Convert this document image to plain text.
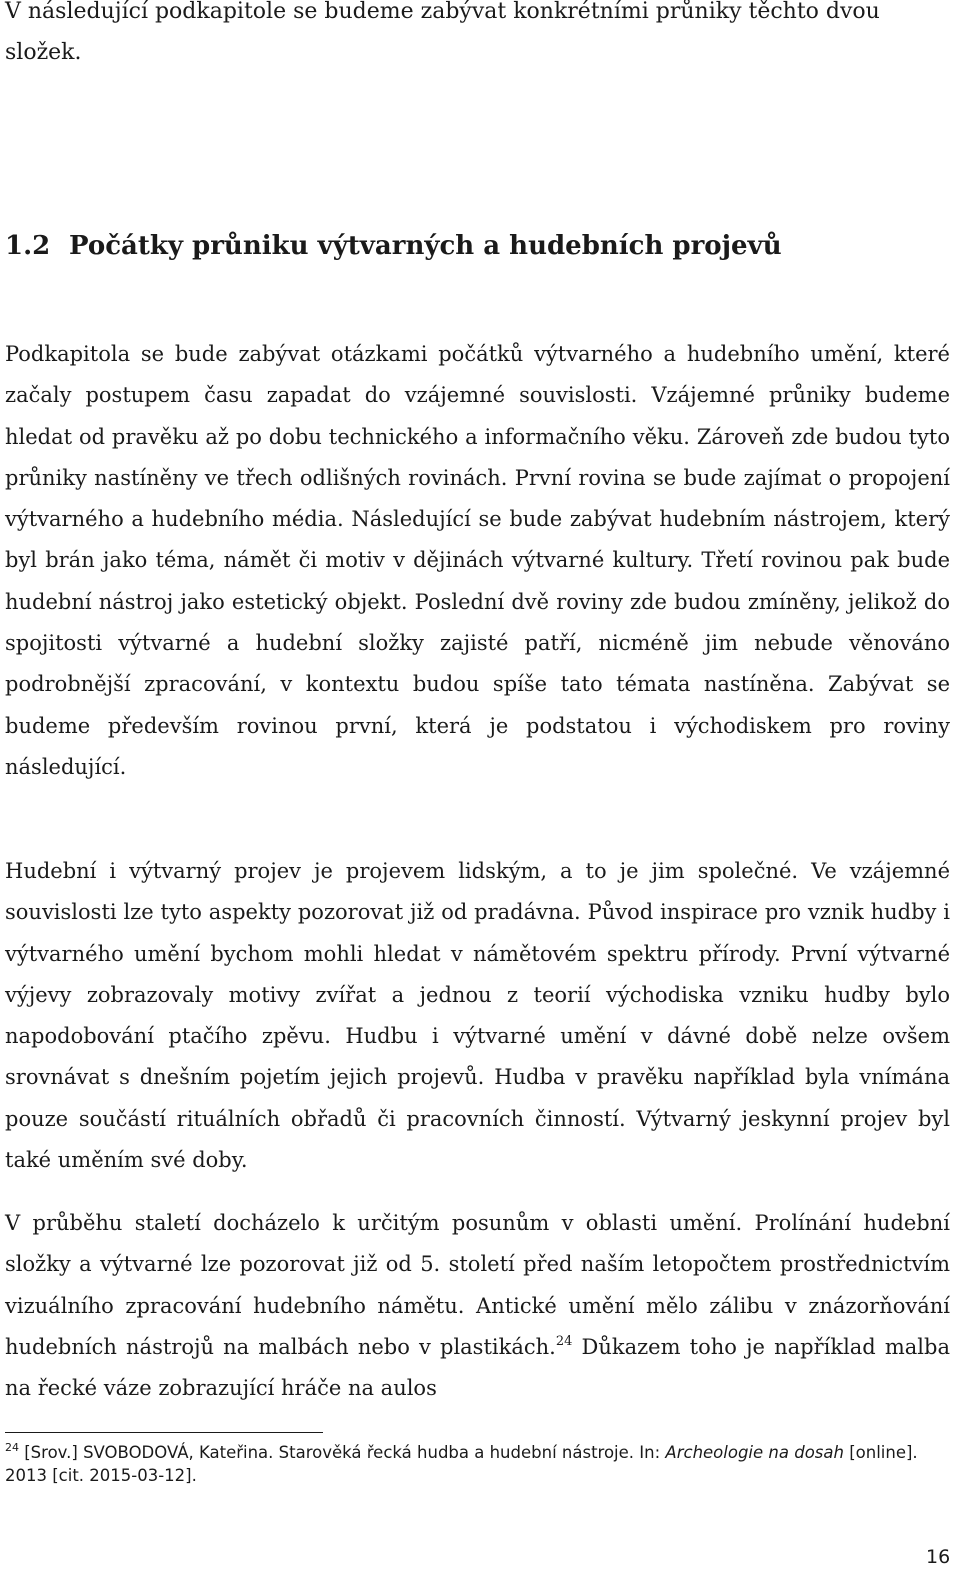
V následující podkapitole se budeme zabývat konkrétními průniky těchto dvou složek.

1.2 Počátky průniku výtvarných a hudebních projevů

Podkapitola se bude zabývat otázkami počátků výtvarného a hudebního umění, které začaly postupem času zapadat do vzájemné souvislosti. Vzájemné průniky budeme hledat od pravěku až po dobu technického a informačního věku. Zároveň zde budou tyto průniky nastíněny ve třech odlišných rovinách. První rovina se bude zajímat o propojení výtvarného a hudebního média. Následující se bude zabývat hudebním nástrojem, který byl brán jako téma, námět či motiv v dějinách výtvarné kultury. Třetí rovinou pak bude hudební nástroj jako estetický objekt. Poslední dvě roviny zde budou zmíněny, jelikož do spojitosti výtvarné a hudební složky zajisté patří, nicméně jim nebude věnováno podrobnější zpracování, v kontextu budou spíše tato témata nastíněna. Zabývat se budeme především rovinou první, která je podstatou i východiskem pro roviny následující.

Hudební i výtvarný projev je projevem lidským, a to je jim společné. Ve vzájemné souvislosti lze tyto aspekty pozorovat již od pradávna. Původ inspirace pro vznik hudby i výtvarného umění bychom mohli hledat v námětovém spektru přírody. První výtvarné výjevy zobrazovaly motivy zvířat a jednou z teorií východiska vzniku hudby bylo napodobování ptačího zpěvu. Hudbu i výtvarné umění v dávné době nelze ovšem srovnávat s dnešním pojetím jejich projevů. Hudba v pravěku například byla vnímána pouze součástí rituálních obřadů či pracovních činností. Výtvarný jeskynní projev byl také uměním své doby.

V průběhu staletí docházelo k určitým posunům v oblasti umění. Prolínání hudební složky a výtvarné lze pozorovat již od 5. století před naším letopočtem prostřednictvím vizuálního zpracování hudebního námětu. Antické umění mělo zálibu v znázorňování hudebních nástrojů na malbách nebo v plastikách.$^{24}$ Důkazem toho je například malba na řecké váze zobrazující hráče na aulos

$^{24}$ [Srov.] SVOBODOVÁ, Kateřina. Starověká řecká hudba a hudební nástroje. In: Archeologie na dosah [online]. 2013 [cit. 2015-03-12].

16
